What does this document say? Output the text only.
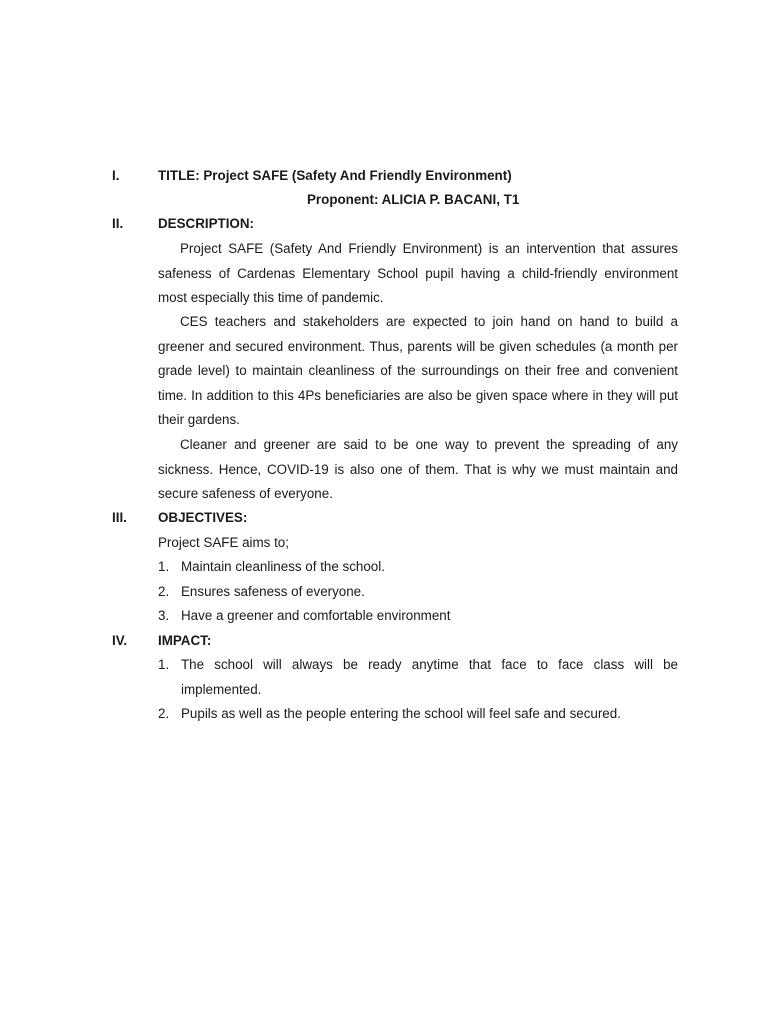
I.	TITLE: Project SAFE (Safety And Friendly Environment)
Proponent: ALICIA P. BACANI, T1
II.	DESCRIPTION:

Project SAFE (Safety And Friendly Environment) is an intervention that assures safeness of Cardenas Elementary School pupil having a child-friendly environment most especially this time of pandemic.

CES teachers and stakeholders are expected to join hand on hand to build a greener and secured environment. Thus, parents will be given schedules (a month per grade level) to maintain cleanliness of the surroundings on their free and convenient time. In addition to this 4Ps beneficiaries are also be given space where in they will put their gardens.

Cleaner and greener are said to be one way to prevent the spreading of any sickness. Hence, COVID-19 is also one of them. That is why we must maintain and secure safeness of everyone.

III. OBJECTIVES:
Project SAFE aims to;
1. Maintain cleanliness of the school.
2. Ensures safeness of everyone.
3. Have a greener and comfortable environment
IV. IMPACT:
1. The school will always be ready anytime that face to face class will be implemented.
2. Pupils as well as the people entering the school will feel safe and secured.
